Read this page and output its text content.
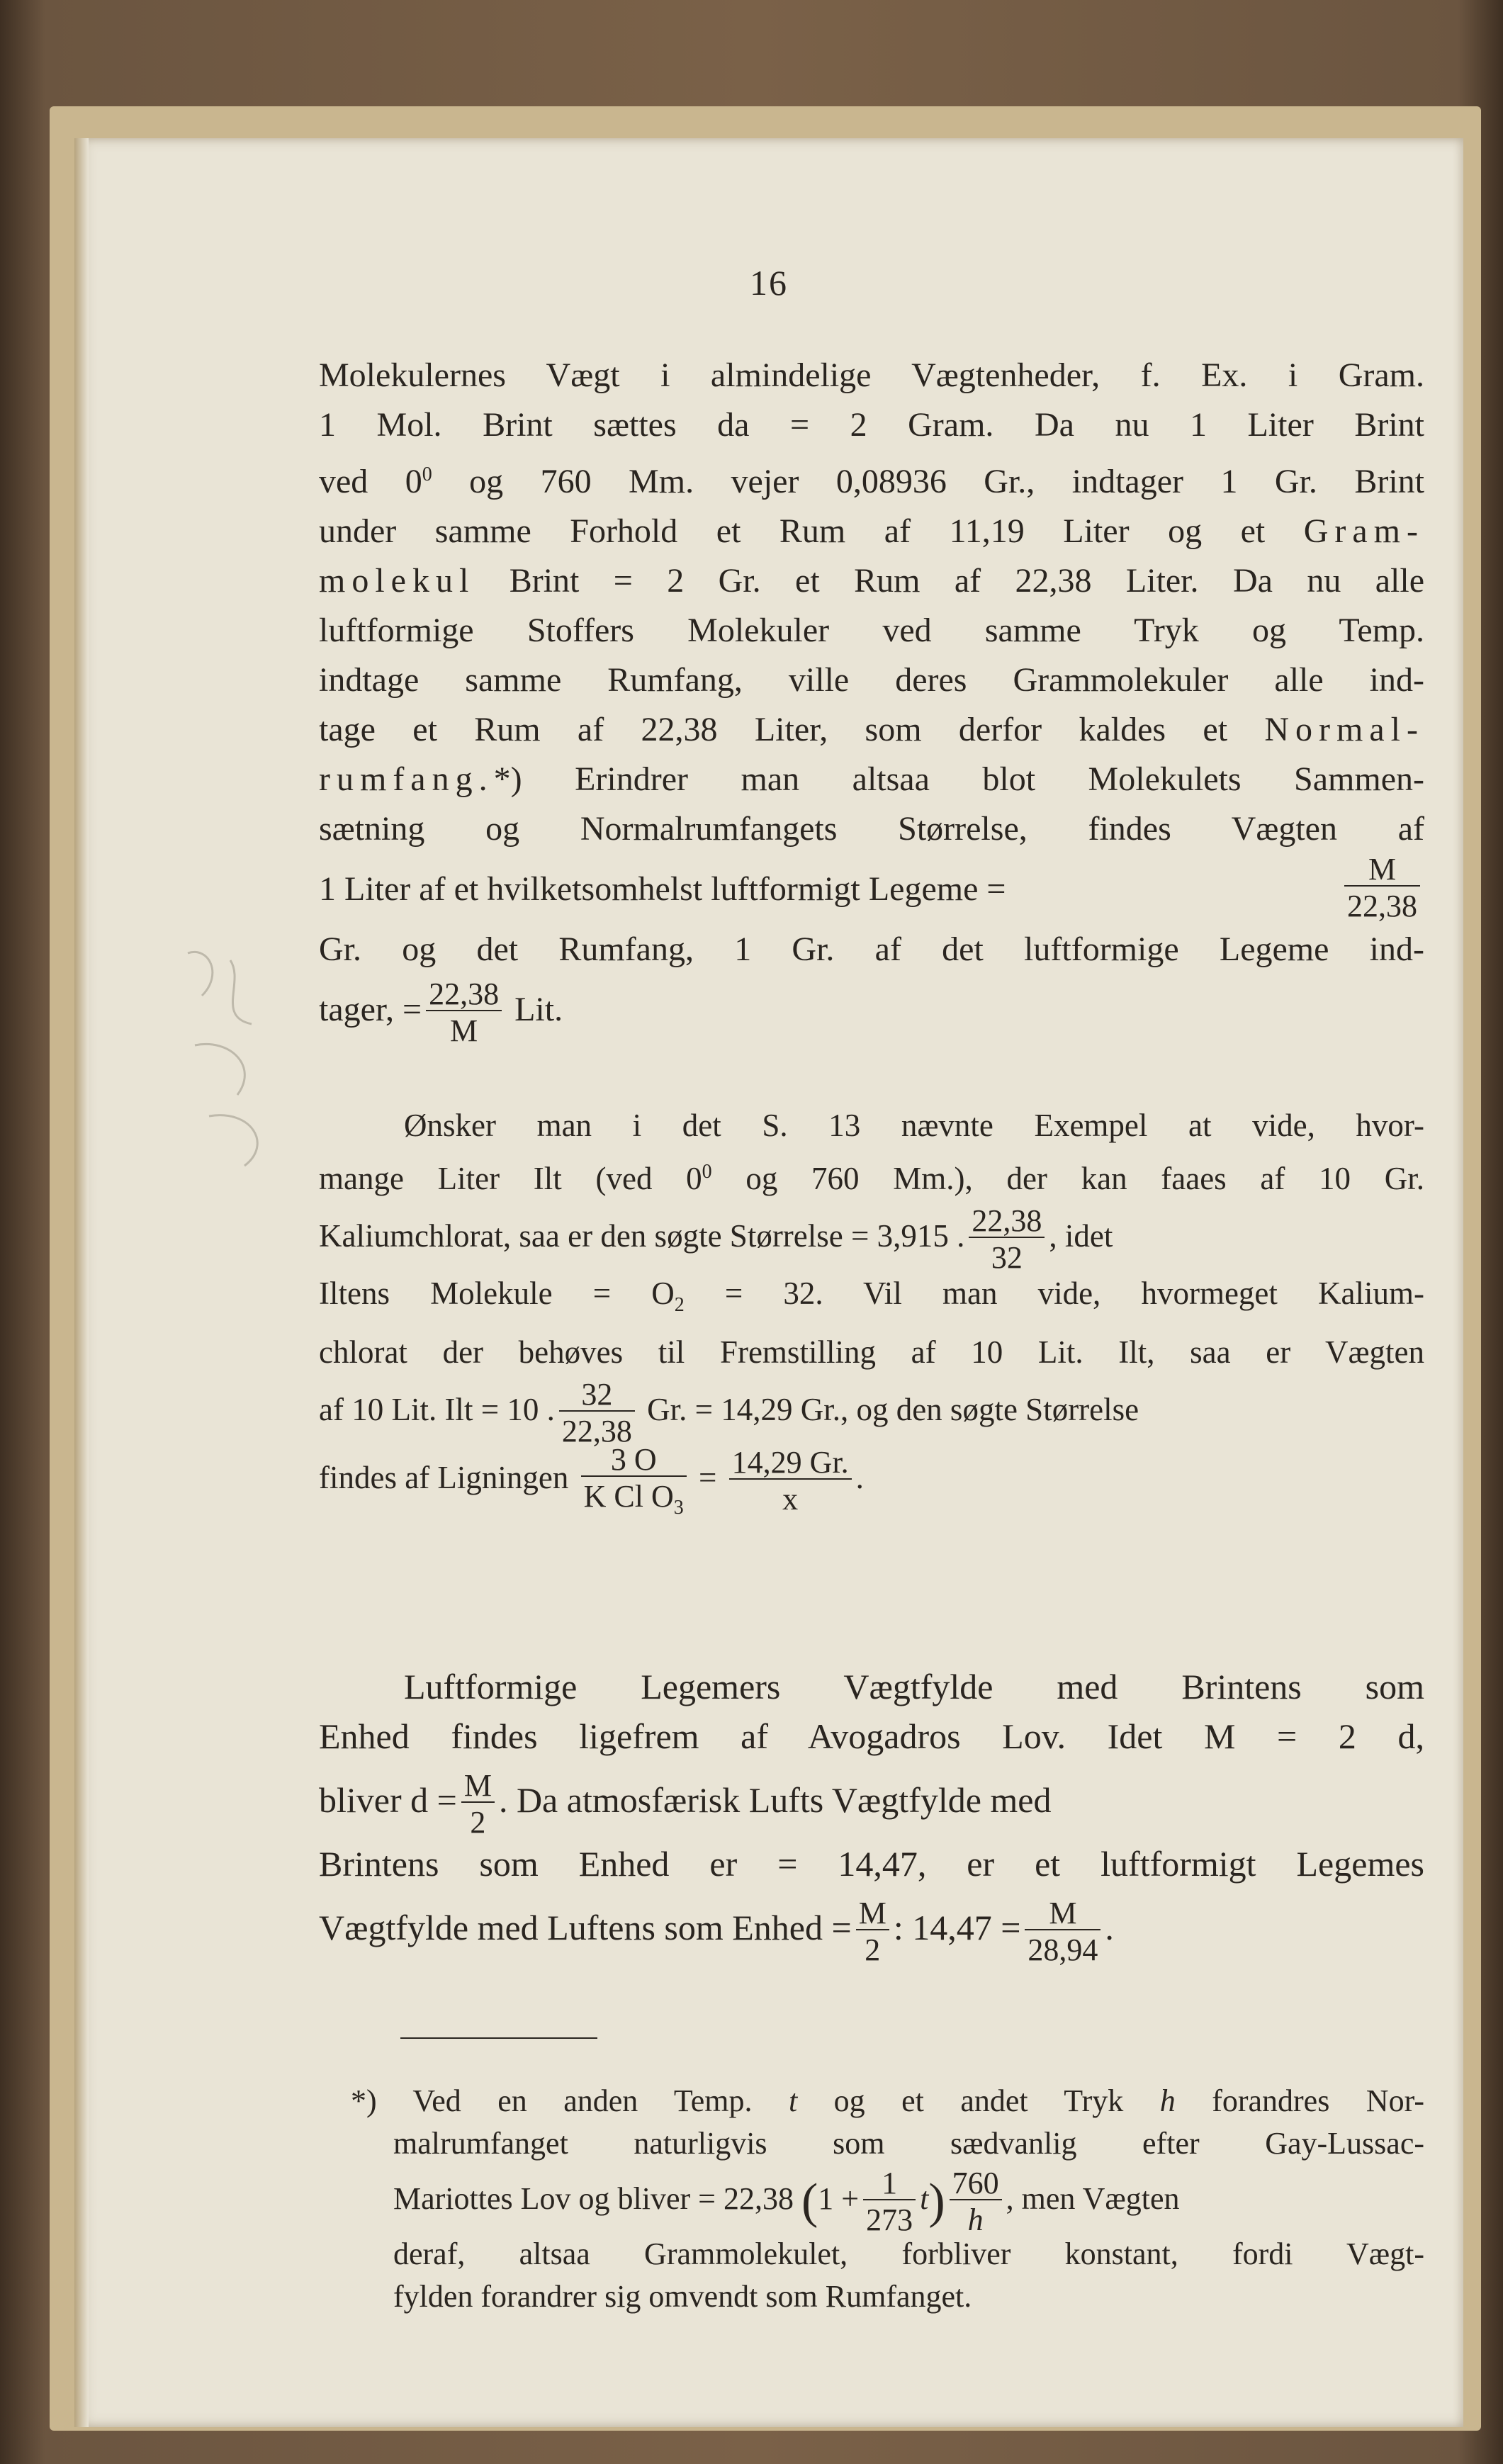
16
Molekulernes Vægt i almindelige Vægtenheder, f. Ex. i Gram.
1 Mol. Brint sættes da = 2 Gram. Da nu 1 Liter Brint
ved $0^0$ og 760 Mm. vejer 0,08936 Gr., indtager 1 Gr. Brint
under samme Forhold et Rum af 11,19 Liter og et Gram-
molekul Brint = 2 Gr. et Rum af 22,38 Liter. Da nu alle
luftformige Stoffers Molekuler ved samme Tryk og Temp.
indtage samme Rumfang, ville deres Grammolekuler alle ind-
tage et Rum af 22,38 Liter, som derfor kaldes et Normal-
rumfang.*) Erindrer man altsaa blot Molekulets Sammen-
sætning og Normalrumfangets Størrelse, findes Vægten af
1 Liter af et hvilketsomhelst luftformigt Legeme =	$\frac{M}{22,38}$
Gr. og det Rumfang, 1 Gr. af det luftformige Legeme ind-
tager, = $\frac{22,38}{M}$ Lit.
Ønsker man i det S. 13 nævnte Exempel at vide, hvor-
mange Liter Ilt (ved $0^0$ og 760 Mm.), der kan faaes af 10 Gr.
Kaliumchlorat, saa er den søgte Størrelse = 3,915 . $\frac{22,38}{32}$ , idet
Iltens Molekule = $O_2 = 32$. Vil man vide, hvormeget Kalium-
chlorat der behøves til Fremstilling af 10 Lit. Ilt, saa er Vægten
af 10 Lit. Ilt = 10 . $\frac{32}{22,38} Gr$. = 14,29 Gr., og den søgte Størrelse
findes af Ligningen $\frac{3 O}{K Cl O_3} = \frac{14,29 Gr.}{x}$ .
Luftformige Legemers Vægtfylde med Brintens som
Enhed findes ligefrem af Avogadros Lov. Idet M = 2 d,
bliver $d = \frac{M}{2}$ . Da atmosfærisk Lufts Vægtfylde med
Brintens som Enhed er = 14,47, er et luftformigt Legemes
Vægtfylde med Luftens som Enhed = $\frac{M}{2}$ : $14,47 = \frac{M}{28,94}$ .
*) Ved en anden Temp. t og et andet Tryk h forandres Nor-
malrumfanget naturligvis som sædvanlig efter Gay-Lussac-
Mariottes Lov og bliver = 22,38 $(1 + \frac{1}{273} t) \frac{760}{h}$ , men Vægten
deraf, altsaa Grammolekulet, forbliver konstant, fordi Vægt-
fylden forandrer sig omvendt som Rumfanget.
